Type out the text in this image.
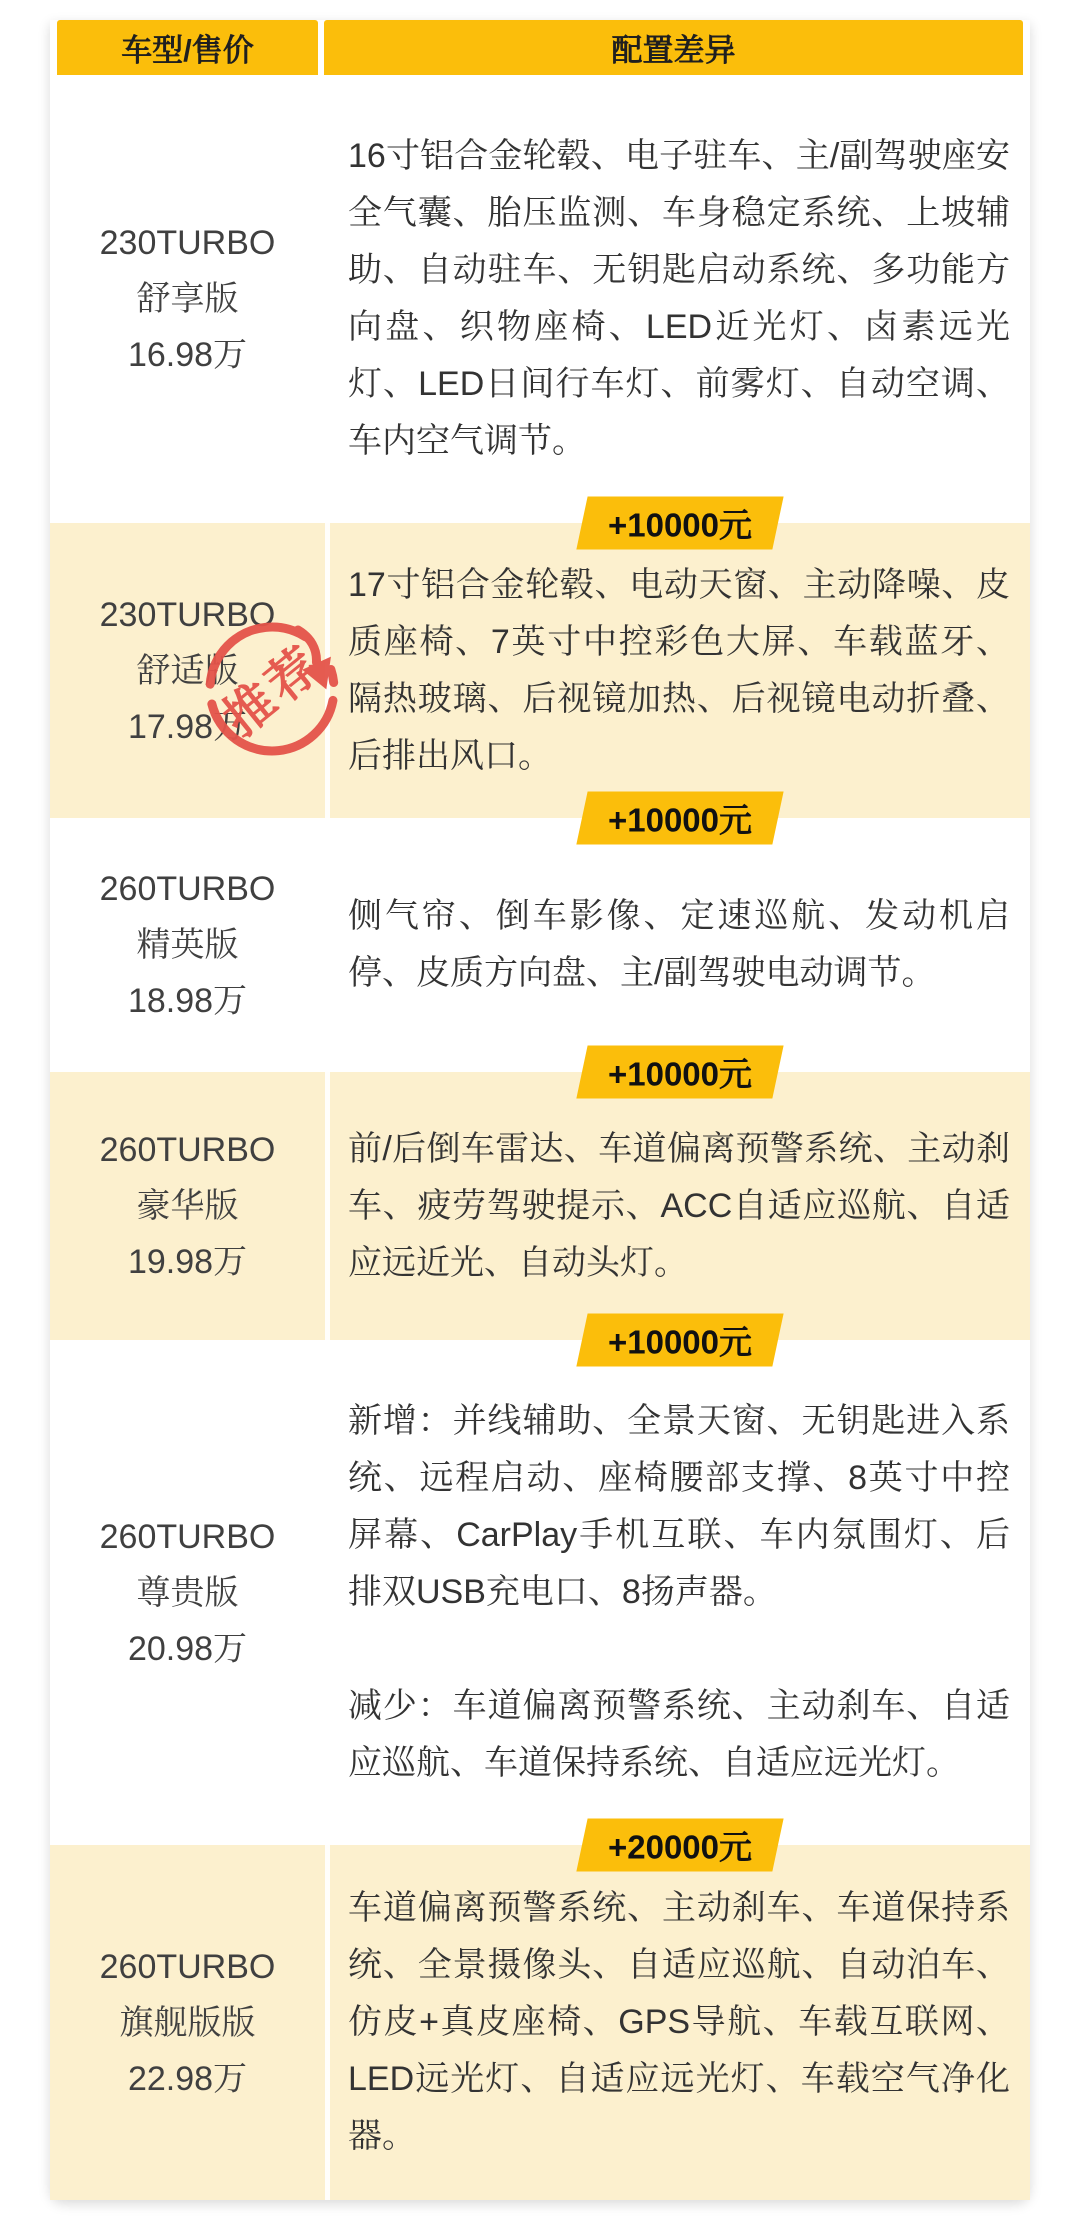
车型/售价	配置差异
230TURBO
舒享版
16.98万

16寸铝合金轮毂、电子驻车、主/副驾驶座安全气囊、胎压监测、车身稳定系统、上坡辅助、自动驻车、无钥匙启动系统、多功能方向盘、织物座椅、LED近光灯、卤素远光灯、LED日间行车灯、前雾灯、自动空调、车内空气调节。

+10000元
230TURBO
舒适版
17.98万

17寸铝合金轮毂、电动天窗、主动降噪、皮质座椅、7英寸中控彩色大屏、车载蓝牙、隔热玻璃、后视镜加热、后视镜电动折叠、后排出风口。

+10000元
推荐
260TURBO
精英版
18.98万

侧气帘、倒车影像、定速巡航、发动机启停、皮质方向盘、主/副驾驶电动调节。

+10000元
260TURBO
豪华版
19.98万

前/后倒车雷达、车道偏离预警系统、主动刹车、疲劳驾驶提示、ACC自适应巡航、自适应远近光、自动头灯。

+10000元
260TURBO
尊贵版
20.98万

新增：并线辅助、全景天窗、无钥匙进入系统、远程启动、座椅腰部支撑、8英寸中控屏幕、CarPlay手机互联、车内氛围灯、后排双USB充电口、8扬声器。

减少：车道偏离预警系统、主动刹车、自适应巡航、车道保持系统、自适应远光灯。

+20000元
260TURBO
旗舰版版
22.98万

车道偏离预警系统、主动刹车、车道保持系统、全景摄像头、自适应巡航、自动泊车、仿皮+真皮座椅、GPS导航、车载互联网、LED远光灯、自适应远光灯、车载空气净化器。
